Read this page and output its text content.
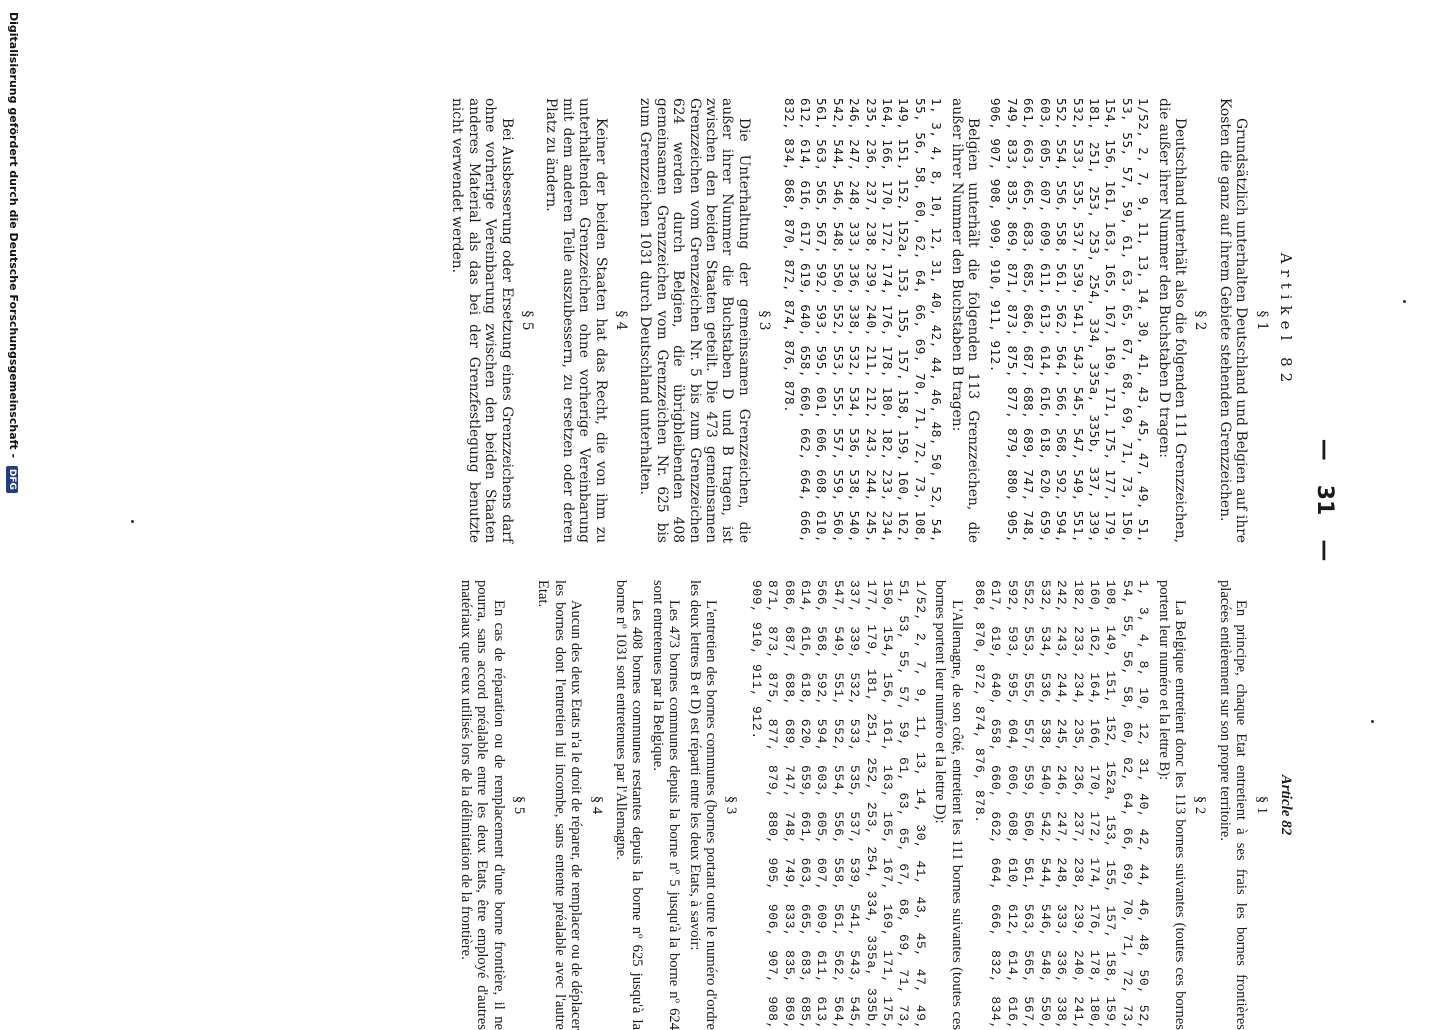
—31—
Artikel 82
§ 1
Grundsätzlich unterhalten Deutschland und Belgien auf ihre Kosten die ganz auf ihrem Gebiete stehenden Grenzzeichen.
§ 2
Deutschland unterhält also die folgenden 111 Grenzzeichen, die außer ihrer Nummer den Buchstaben D tragen:
1/52, 2, 7, 9, 11, 13, 14, 30, 41, 43, 45, 47, 49, 51, 53, 55, 57, 59, 61, 63, 65, 67, 68, 69, 71, 73, 150, 154, 156, 161, 163, 165, 167, 169, 171, 175, 177, 179, 181, 251, 253, 253, 254, 334, 335a, 335b, 337, 339, 532, 533, 535, 537, 539, 541, 543, 545, 547, 549, 551, 552, 554, 556, 558, 561, 562, 564, 566, 568, 592, 594, 603, 605, 607, 609, 611, 613, 614, 616, 618, 620, 659, 661, 663, 665, 683, 685, 686, 687, 688, 689, 747, 748, 749, 833, 835, 869, 871, 873, 875, 877, 879, 880, 905, 906, 907, 908, 909, 910, 911, 912.
Belgien unterhält die folgenden 113 Grenzzeichen, die außer ihrer Nummer den Buchstaben B tragen:
1, 3, 4, 8, 10, 12, 31, 40, 42, 44, 46, 48, 50, 52, 54, 55, 56, 58, 60, 62, 64, 66, 69, 70, 71, 72, 73, 108, 149, 151, 152, 152a, 153, 155, 157, 158, 159, 160, 162, 164, 166, 170, 172, 174, 176, 178, 180, 182, 233, 234, 235, 236, 237, 238, 239, 240, 211, 212, 243, 244, 245, 246, 247, 248, 333, 336, 338, 532, 534, 536, 538, 540, 542, 544, 546, 548, 550, 552, 553, 555, 557, 559, 560, 561, 563, 565, 567, 592, 593, 595, 601, 606, 608, 610, 612, 614, 616, 617, 619, 640, 658, 660, 662, 664, 666, 832, 834, 868, 870, 872, 874, 876, 878.
§ 3
Die Unterhaltung der gemeinsamen Grenzzeichen, die außer ihrer Nummer die Buchstaben D und B tragen, ist zwischen den beiden Staaten geteilt. Die 473 gemeinsamen Grenzzeichen vom Grenzzeichen Nr. 5 bis zum Grenzzeichen 624 werden durch Belgien, die übrigbleibenden 408 gemeinsamen Grenzzeichen vom Grenzzeichen Nr. 625 bis zum Grenzzeichen 1031 durch Deutschland unterhalten.
§ 4
Keiner der beiden Staaten hat das Recht, die von ihm zu unterhaltenden Grenzzeichen ohne vorherige Vereinbarung mit dem anderen Teile auszubessern, zu ersetzen oder deren Platz zu ändern.
§ 5
Bei Ausbesserung oder Ersetzung eines Grenzzeichens darf ohne vorherige Vereinbarung zwischen den beiden Staaten anderes Material als das bei der Grenzfestlegung benutzte nicht verwendet werden.
Article 82
§ 1
En principe, chaque Etat entretient à ses frais les bornes frontières placées entièrement sur son propre territoire.
§ 2
La Belgique entretient donc les 113 bornes suivantes (toutes ces bornes portent leur numéro et la lettre B):
1, 3, 4, 8, 10, 12, 31, 40, 42, 44, 46, 48, 50, 52, 54, 55, 56, 58, 60, 62, 64, 66, 69, 70, 71, 72, 73, 108, 149, 151, 152, 152a, 153, 155, 157, 158, 159, 160, 162, 164, 166, 170, 172, 174, 176, 178, 180, 182, 233, 234, 235, 236, 237, 238, 239, 240, 241, 242, 243, 244, 245, 246, 247, 248, 333, 336, 338, 532, 534, 536, 538, 540, 542, 544, 546, 548, 550, 552, 553, 555, 557, 559, 560, 561, 563, 565, 567, 592, 593, 595, 604, 606, 608, 610, 612, 614, 616, 617, 619, 640, 658, 660, 662, 664, 666, 832, 834, 868, 870, 872, 874, 876, 878.
L'Allemagne, de son côté, entretient les 111 bornes suivantes (toutes ces bornes portent leur numéro et la lettre D):
1/52, 2, 7, 9, 11, 13, 14, 30, 41, 43, 45, 47, 49, 51, 53, 55, 57, 59, 61, 63, 65, 67, 68, 69, 71, 73, 150, 154, 156, 161, 163, 165, 167, 169, 171, 175, 177, 179, 181, 251, 252, 253, 254, 334, 335a, 335b, 337, 339, 532, 533, 535, 537, 539, 541, 543, 545, 547, 549, 551, 552, 554, 556, 558, 561, 562, 564, 566, 568, 592, 594, 603, 605, 607, 609, 611, 613, 614, 616, 618, 620, 659, 661, 663, 665, 683, 685, 686, 687, 688, 689, 747, 748, 749, 833, 835, 869, 871, 873, 875, 877, 879, 880, 905, 906, 907, 908, 909, 910, 911, 912.
§ 3
L'entretien des bornes communes (bornes portant outre le numéro d'ordre les deux lettres B et D) est réparti entre les deux Etats, à savoir:
Les 473 bornes communes depuis la borne nº 5 jusqu'à la borne nº 624 sont entretenues par la Belgique.
Les 408 bornes communes restantes depuis la borne nº 625 jusqu'à la borne nº 1031 sont entretenues par l'Allemagne.
§ 4
Aucun des deux Etats n'a le droit de réparer, de remplacer ou de déplacer les bornes dont l'entretien lui incombe, sans entente préalable avec l'autre Etat.
§ 5
En cas de réparation ou de remplacement d'une borne frontière, il ne pourra, sans accord préalable entre les deux Etats, être employé d'autres matériaux que ceux utilisés lors de la délimitation de la frontière.
Digitalisierung gefördert durch die Deutsche Forschungsgemeinschaft - DFG
